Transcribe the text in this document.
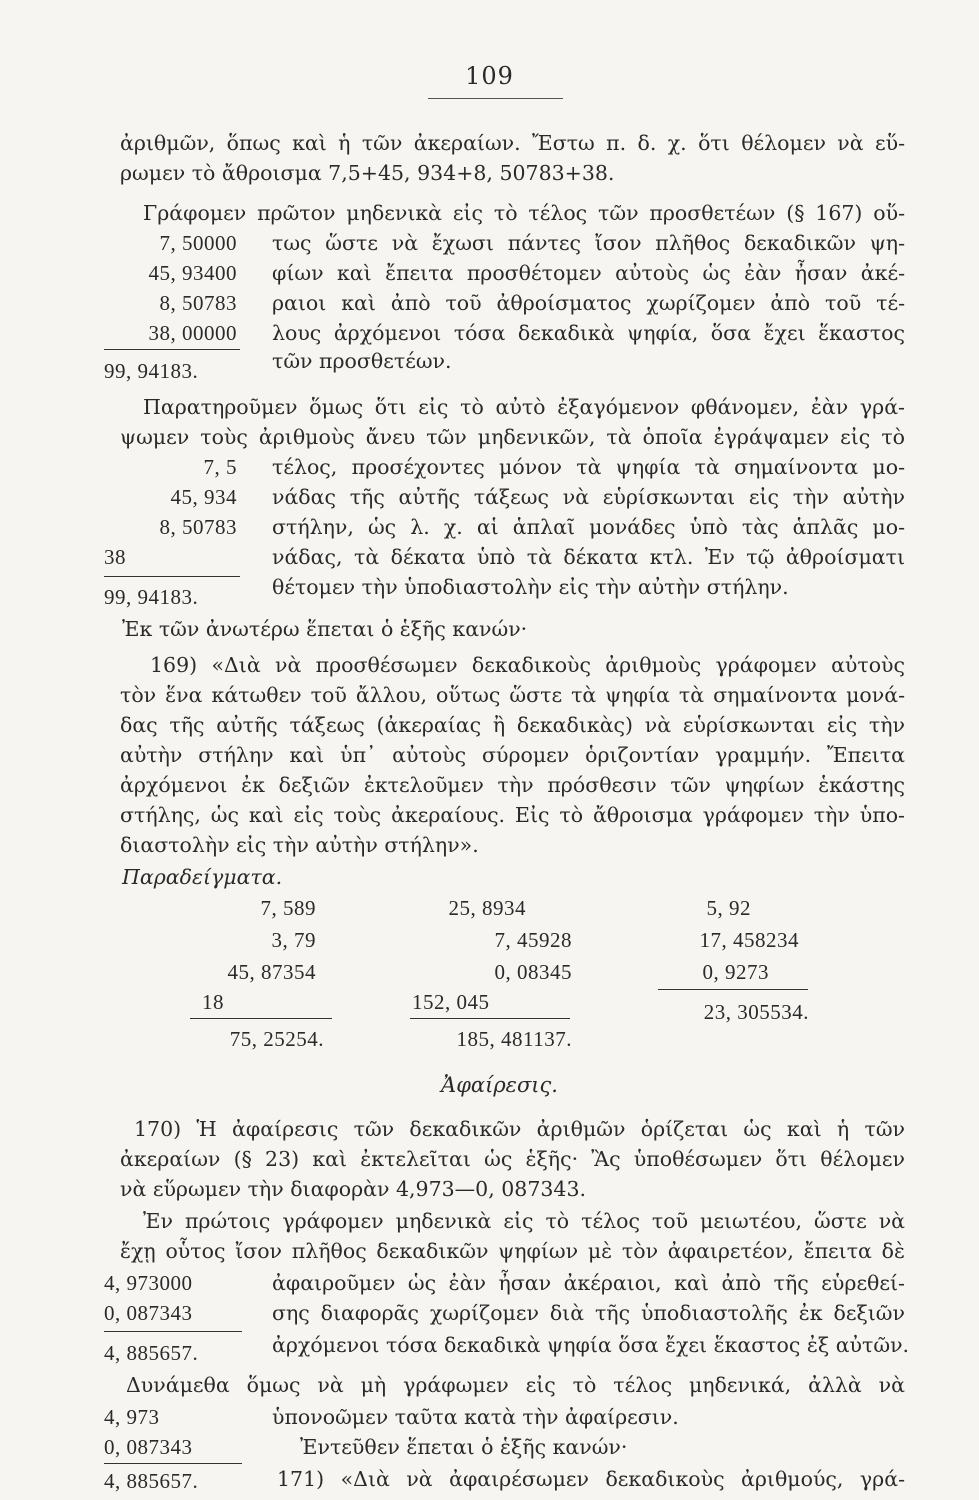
109
ἀριθμῶν, ὅπως καὶ ἡ τῶν ἀκεραίων. Ἔστω π. δ. χ. ὅτι θέλομεν νὰ εὕ-
ρωμεν τὸ ἄθροισμα 7,5+45, 934+8, 50783+38.
Γράφομεν πρῶτον μηδενικὰ εἰς τὸ τέλος τῶν προσθετέων (§ 167) οὕ-
τως ὥστε νὰ ἔχωσι πάντες ἴσον πλῆθος δεκαδικῶν ψη-
φίων καὶ ἔπειτα προσθέτομεν αὐτοὺς ὡς ἐὰν ἦσαν ἀκέ-
ραιοι καὶ ἀπὸ τοῦ ἀθροίσματος χωρίζομεν ἀπὸ τοῦ τέ-
λους ἀρχόμενοι τόσα δεκαδικὰ ψηφία, ὅσα ἔχει ἕκαστος
τῶν προσθετέων.
7, 50000
45, 93400
8, 50783
38, 00000
99, 94183.
Παρατηροῦμεν ὅμως ὅτι εἰς τὸ αὐτὸ ἐξαγόμενον φθάνομεν, ἐὰν γρά-
ψωμεν τοὺς ἀριθμοὺς ἄνευ τῶν μηδενικῶν, τὰ ὁποῖα ἐγράψαμεν εἰς τὸ
τέλος, προσέχοντες μόνον τὰ ψηφία τὰ σημαίνοντα μο-
νάδας τῆς αὐτῆς τάξεως νὰ εὑρίσκωνται εἰς τὴν αὐτὴν
στήλην, ὡς λ. χ. αἱ ἁπλαῖ μονάδες ὑπὸ τὰς ἁπλᾶς μο-
νάδας, τὰ δέκατα ὑπὸ τὰ δέκατα κτλ. Ἐν τῷ ἀθροίσματι
θέτομεν τὴν ὑποδιαστολὴν εἰς τὴν αὐτὴν στήλην.
7, 5
45, 934
8, 50783
38
99, 94183.
Ἐκ τῶν ἀνωτέρω ἕπεται ὁ ἑξῆς κανών·
169) «Διὰ νὰ προσθέσωμεν δεκαδικοὺς ἀριθμοὺς γράφομεν αὐτοὺς
τὸν ἕνα κάτωθεν τοῦ ἄλλου, οὕτως ὥστε τὰ ψηφία τὰ σημαίνοντα μονά-
δας τῆς αὐτῆς τάξεως (ἀκεραίας ἢ δεκαδικὰς) νὰ εὑρίσκωνται εἰς τὴν
αὐτὴν στήλην καὶ ὑπ᾽ αὐτοὺς σύρομεν ὁριζοντίαν γραμμήν. Ἔπειτα
ἀρχόμενοι ἐκ δεξιῶν ἐκτελοῦμεν τὴν πρόσθεσιν τῶν ψηφίων ἑκάστης
στήλης, ὡς καὶ εἰς τοὺς ἀκεραίους. Εἰς τὸ ἄθροισμα γράφομεν τὴν ὑπο-
διαστολὴν εἰς τὴν αὐτὴν στήλην».
Παραδείγματα.
7, 589
3, 79
45, 87354
18
75, 25254.
25, 8934
7, 45928
0, 08345
152, 045
185, 481137.
5, 92
17, 458234
0, 9273
23, 305534.
Ἀφαίρεσις.
170) Ἡ ἀφαίρεσις τῶν δεκαδικῶν ἀριθμῶν ὁρίζεται ὡς καὶ ἡ τῶν
ἀκεραίων (§ 23) καὶ ἐκτελεῖται ὡς ἑξῆς· Ἂς ὑποθέσωμεν ὅτι θέλομεν
νὰ εὕρωμεν τὴν διαφορὰν 4,973—0, 087343.
Ἐν πρώτοις γράφομεν μηδενικὰ εἰς τὸ τέλος τοῦ μειωτέου, ὥστε νὰ
ἔχῃ οὗτος ἴσον πλῆθος δεκαδικῶν ψηφίων μὲ τὸν ἀφαιρετέον, ἔπειτα δὲ
ἀφαιροῦμεν ὡς ἐὰν ἦσαν ἀκέραιοι, καὶ ἀπὸ τῆς εὑρεθεί-
σης διαφορᾶς χωρίζομεν διὰ τῆς ὑποδιαστολῆς ἐκ δεξιῶν
ἀρχόμενοι τόσα δεκαδικὰ ψηφία ὅσα ἔχει ἕκαστος ἐξ αὐτῶν.
4, 973000
0, 087343
4, 885657.
Δυνάμεθα ὅμως νὰ μὴ γράφωμεν εἰς τὸ τέλος μηδενικά, ἀλλὰ νὰ
ὑπονοῶμεν ταῦτα κατὰ τὴν ἀφαίρεσιν.
Ἐντεῦθεν ἕπεται ὁ ἑξῆς κανών·
171) «Διὰ νὰ ἀφαιρέσωμεν δεκαδικοὺς ἀριθμούς, γρά-
4, 973
0, 087343
4, 885657.
